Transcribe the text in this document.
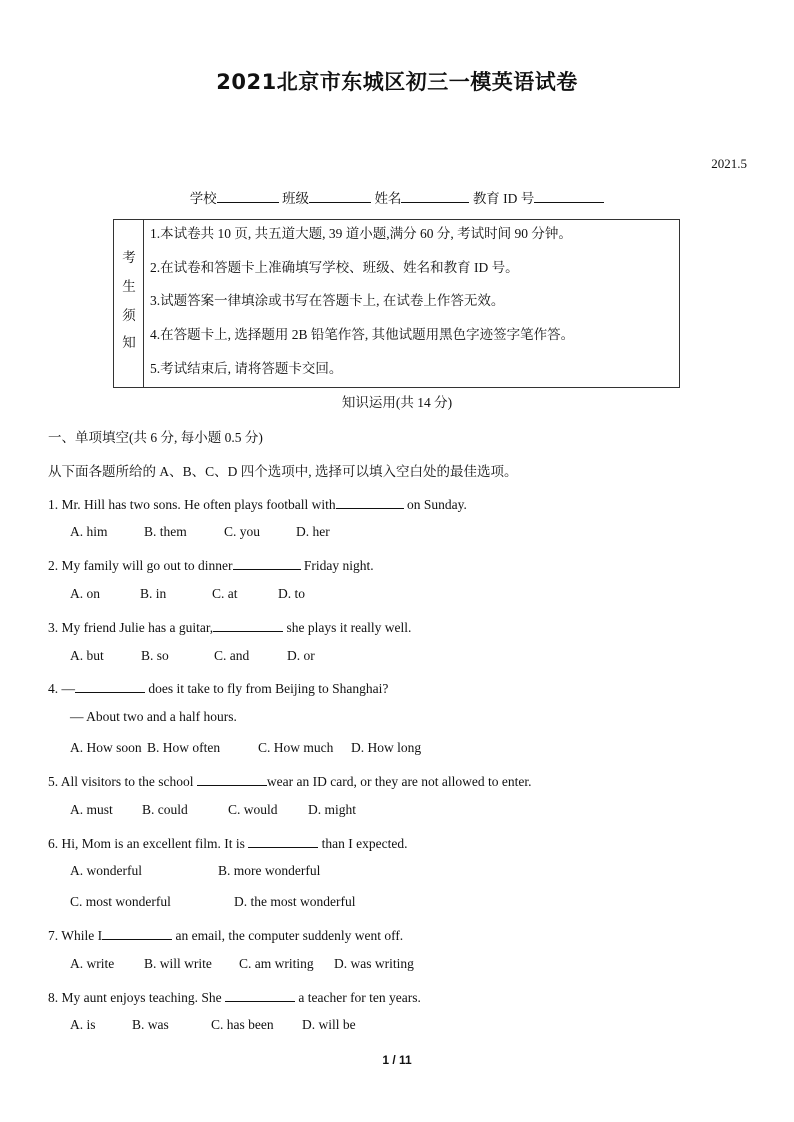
2021北京市东城区初三一模英语试卷
2021.5
学校	班级	姓名	教育 ID 号
考
生
须
知
1.本试卷共 10 页, 共五道大题, 39 道小题,满分 60 分, 考试时间 90 分钟。
2.在试卷和答题卡上准确填写学校、班级、姓名和教育 ID 号。
3.试题答案一律填涂或书写在答题卡上, 在试卷上作答无效。
4.在答题卡上, 选择题用 2B 铅笔作答, 其他试题用黑色字迹签字笔作答。
5.考试结束后, 请将答题卡交回。
知识运用(共 14 分)
一、单项填空(共 6 分, 每小题 0.5 分)
从下面各题所给的 A、B、C、D 四个选项中, 选择可以填入空白处的最佳选项。
1. Mr. Hill has two sons. He often plays football with	on Sunday.
A. him	B. them	C. you	D. her
2. My family will go out to dinner	Friday night.
A. on	B. in	C. at	D. to
3. My friend Julie has a guitar,	she plays it really well.
A. but	B. so	C. and	D. or
4. —	does it take to fly from Beijing to Shanghai?
— About two and a half hours.
A. How soon B. How often	C. How much D. How long
5. All visitors to the school	wear an ID card, or they are not allowed to enter.
A. must B. could	C. would D. might
6. Hi, Mom is an excellent film. It is	than I expected.
A. wonderful	B. more wonderful
C. most wonderful	D. the most wonderful
7. While I	an email, the computer suddenly went off.
A. write B. will write C. am writing D. was writing
8. My aunt enjoys teaching. She	a teacher for ten years.
A. is	B. was	C. has been D. will be
1 / 11
